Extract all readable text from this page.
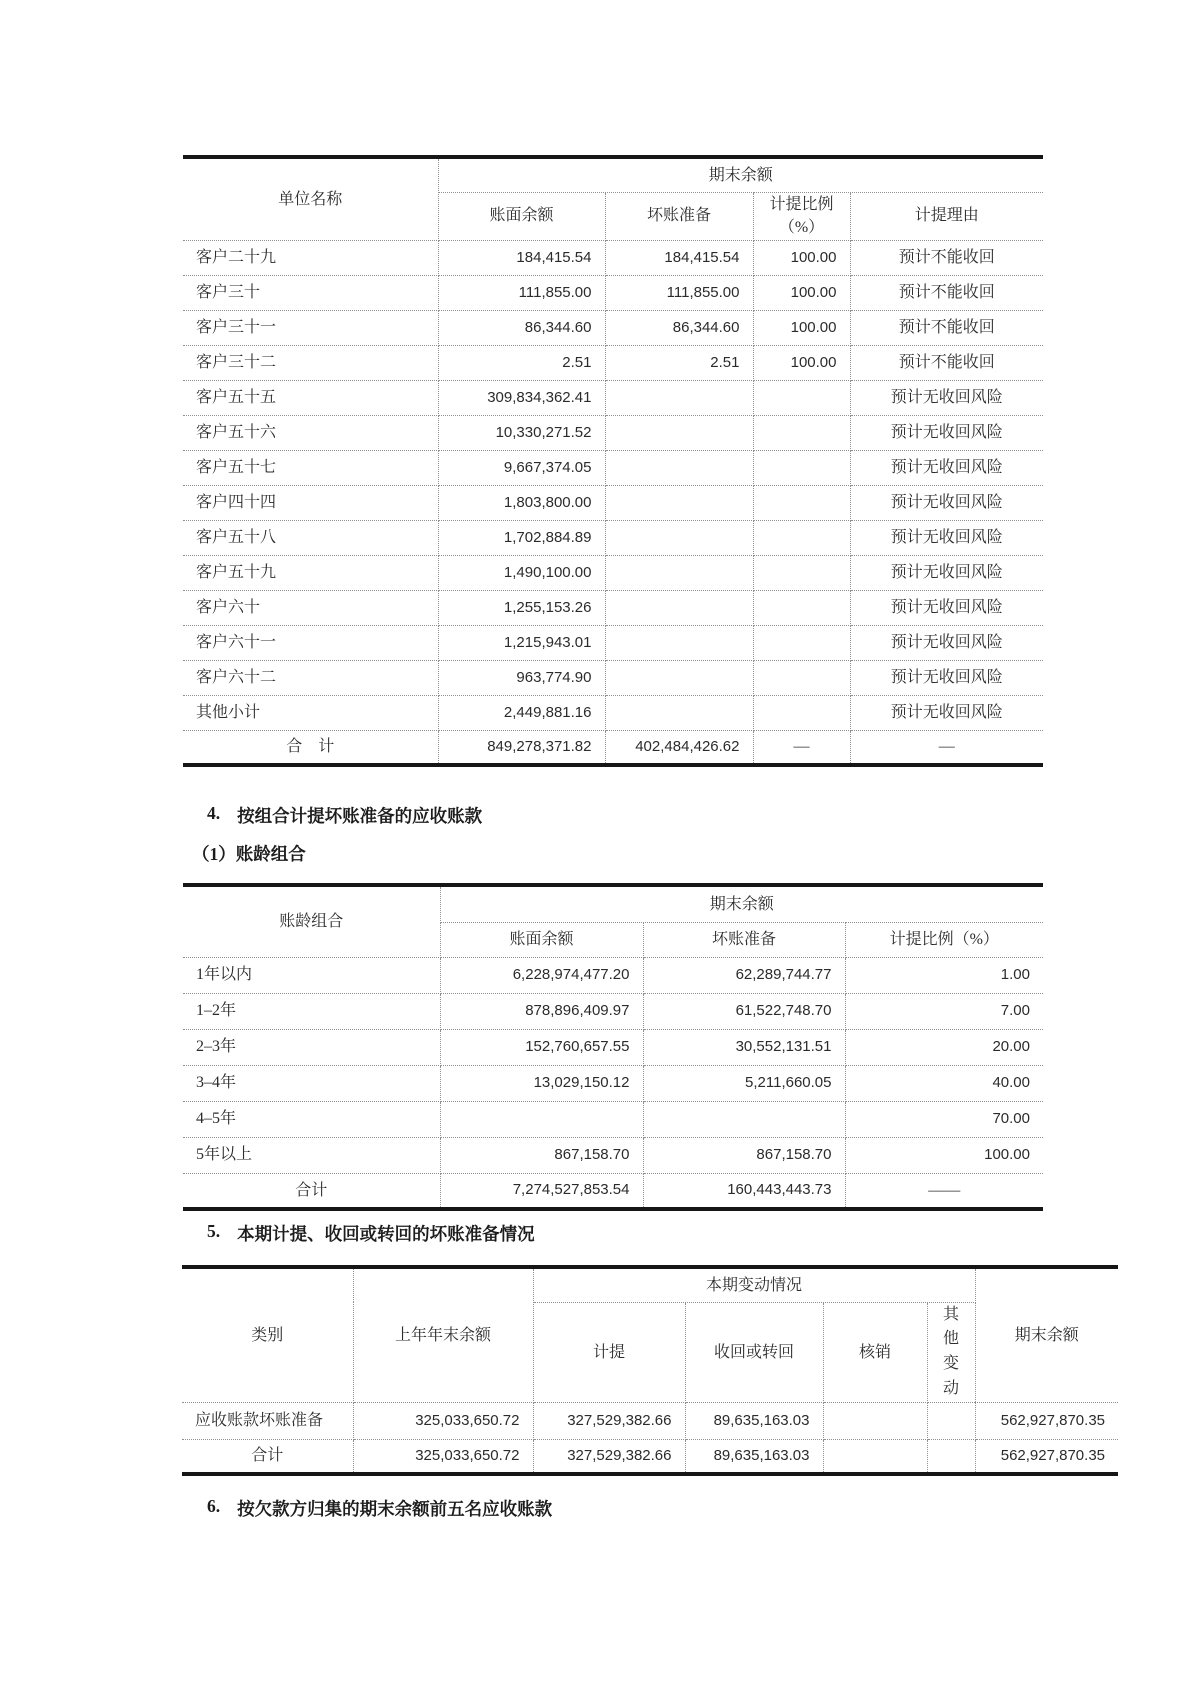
单位名称	期末余额			
	账面余额	坏账准备	计提比例（%）	计提理由
客户二十九	184,415.54	184,415.54	100.00	预计不能收回
客户三十	111,855.00	111,855.00	100.00	预计不能收回
客户三十一	86,344.60	86,344.60	100.00	预计不能收回
客户三十二	2.51	2.51	100.00	预计不能收回
客户五十五	309,834,362.41			预计无收回风险
客户五十六	10,330,271.52			预计无收回风险
客户五十七	9,667,374.05			预计无收回风险
客户四十四	1,803,800.00			预计无收回风险
客户五十八	1,702,884.89			预计无收回风险
客户五十九	1,490,100.00			预计无收回风险
客户六十	1,255,153.26			预计无收回风险
客户六十一	1,215,943.01			预计无收回风险
客户六十二	963,774.90			预计无收回风险
其他小计	2,449,881.16			预计无收回风险
合　计	849,278,371.82	402,484,426.62	—	—
4. 按组合计提坏账准备的应收账款
（1）账龄组合
账龄组合	期末余额		
	账面余额	坏账准备	计提比例（%）
1年以内	6,228,974,477.20	62,289,744.77	1.00
1–2年	878,896,409.97	61,522,748.70	7.00
2–3年	152,760,657.55	30,552,131.51	20.00
3–4年	13,029,150.12	5,211,660.05	40.00
4–5年			70.00
5年以上	867,158.70	867,158.70	100.00
合计	7,274,527,853.54	160,443,443.73	——
5. 本期计提、收回或转回的坏账准备情况
类别	上年年末余额	本期变动情况				期末余额
		计提	收回或转回	核销	其他变动	

应收账款坏账准备	325,033,650.72	327,529,382.66	89,635,163.03			562,927,870.35
合计	325,033,650.72	327,529,382.66	89,635,163.03			562,927,870.35
6. 按欠款方归集的期末余额前五名应收账款
